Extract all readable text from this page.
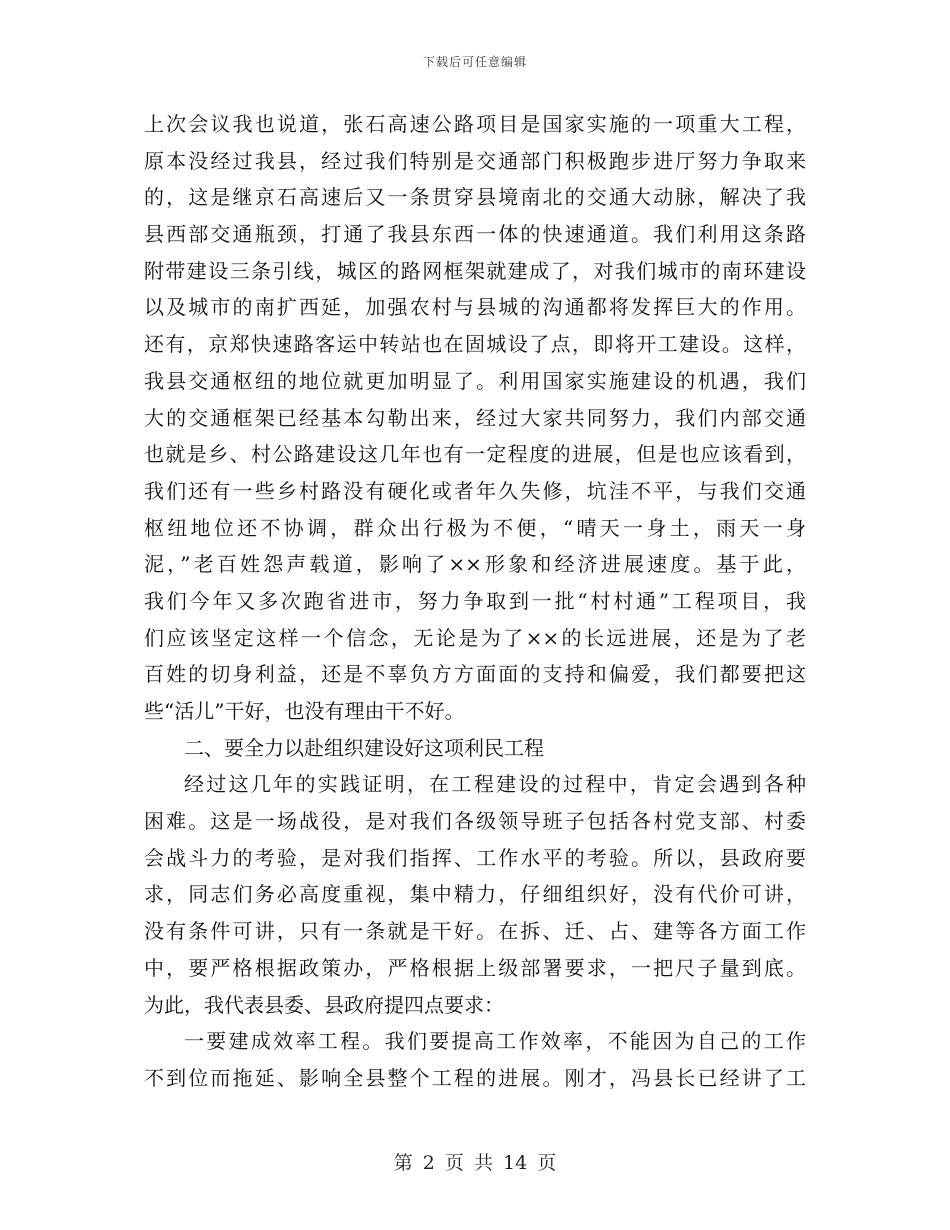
下载后可任意编辑
上次会议我也说道，张石高速公路项目是国家实施的一项重大工程，
原本没经过我县，经过我们特别是交通部门积极跑步进厅努力争取来
的，这是继京石高速后又一条贯穿县境南北的交通大动脉，解决了我
县西部交通瓶颈，打通了我县东西一体的快速通道。我们利用这条路
附带建设三条引线，城区的路网框架就建成了，对我们城市的南环建设
以及城市的南扩西延，加强农村与县城的沟通都将发挥巨大的作用。
还有，京郑快速路客运中转站也在固城设了点，即将开工建设。这样，
我县交通枢纽的地位就更加明显了。利用国家实施建设的机遇，我们
大的交通框架已经基本勾勒出来，经过大家共同努力，我们内部交通
也就是乡、村公路建设这几年也有一定程度的进展，但是也应该看到，
我们还有一些乡村路没有硬化或者年久失修，坑洼不平，与我们交通
枢纽地位还不协调，群众出行极为不便，“晴天一身土，雨天一身
泥，”老百姓怨声载道，影响了××形象和经济进展速度。基于此，
我们今年又多次跑省进市，努力争取到一批“村村通”工程项目，我
们应该坚定这样一个信念，无论是为了××的长远进展，还是为了老
百姓的切身利益，还是不辜负方方面面的支持和偏爱，我们都要把这
些“活儿”干好，也没有理由干不好。
二、要全力以赴组织建设好这项利民工程
经过这几年的实践证明，在工程建设的过程中，肯定会遇到各种
困难。这是一场战役，是对我们各级领导班子包括各村党支部、村委
会战斗力的考验，是对我们指挥、工作水平的考验。所以，县政府要
求，同志们务必高度重视，集中精力，仔细组织好，没有代价可讲，
没有条件可讲，只有一条就是干好。在拆、迁、占、建等各方面工作
中，要严格根据政策办，严格根据上级部署要求，一把尺子量到底。
为此，我代表县委、县政府提四点要求：
一要建成效率工程。我们要提高工作效率，不能因为自己的工作
不到位而拖延、影响全县整个工程的进展。刚才，冯县长已经讲了工
第 2 页 共 14 页
